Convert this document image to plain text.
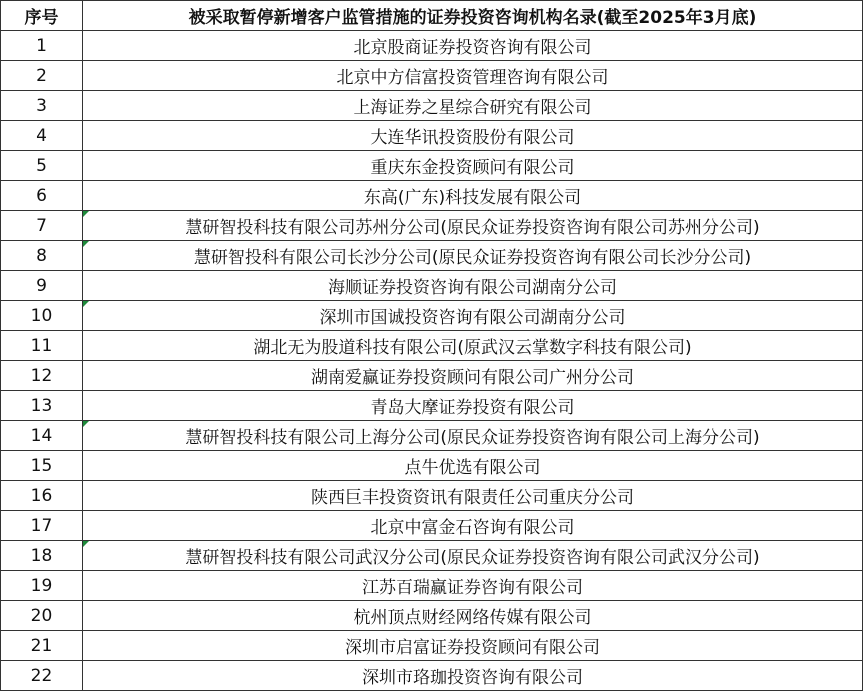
序号	被采取暂停新增客户监管措施的证券投资咨询机构名录(截至2025年3月底)
1	北京股商证券投资咨询有限公司
2	北京中方信富投资管理咨询有限公司
3	上海证券之星综合研究有限公司
4	大连华讯投资股份有限公司
5	重庆东金投资顾问有限公司
6	东高(广东)科技发展有限公司
7	慧研智投科技有限公司苏州分公司(原民众证券投资咨询有限公司苏州分公司)
8	慧研智投科有限公司长沙分公司(原民众证券投资咨询有限公司长沙分公司)
9	海顺证券投资咨询有限公司湖南分公司
10	深圳市国诚投资咨询有限公司湖南分公司
11	湖北无为股道科技有限公司(原武汉云掌数字科技有限公司)
12	湖南爱赢证券投资顾问有限公司广州分公司
13	青岛大摩证券投资有限公司
14	慧研智投科技有限公司上海分公司(原民众证券投资咨询有限公司上海分公司)
15	点牛优选有限公司
16	陕西巨丰投资资讯有限责任公司重庆分公司
17	北京中富金石咨询有限公司
18	慧研智投科技有限公司武汉分公司(原民众证券投资咨询有限公司武汉分公司)
19	江苏百瑞赢证券咨询有限公司
20	杭州顶点财经网络传媒有限公司
21	深圳市启富证券投资顾问有限公司
22	深圳市珞珈投资咨询有限公司
